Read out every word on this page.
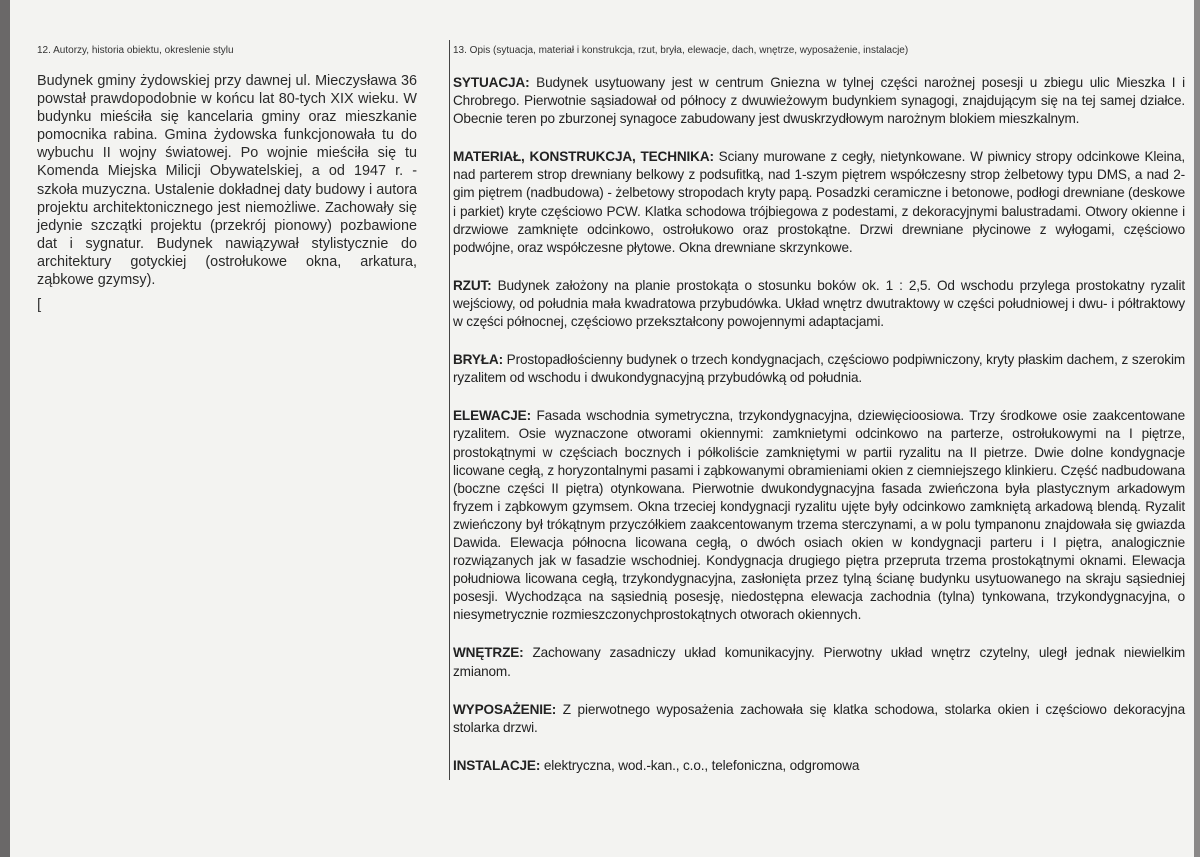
12. Autorzy, historia obiektu, okreslenie stylu
Budynek gminy żydowskiej przy dawnej ul. Mieczysława 36 powstał prawdopodobnie w końcu lat 80-tych XIX wieku. W budynku mieściła się kancelaria gminy oraz mieszkanie pomocnika rabina. Gmina żydowska funkcjonowała tu do wybuchu II wojny światowej. Po wojnie mieściła się tu Komenda Miejska Milicji Obywatelskiej, a od 1947 r. - szkoła muzyczna. Ustalenie dokładnej daty budowy i autora projektu architektonicznego jest niemożliwe. Zachowały się jedynie szczątki projektu (przekrój pionowy) pozbawione dat i sygnatur. Budynek nawiązywał stylistycznie do architektury gotyckiej (ostrołukowe okna, arkatura, ząbkowe gzymsy).
[
13. Opis (sytuacja, materiał i konstrukcja, rzut, bryła, elewacje, dach, wnętrze, wyposażenie, instalacje)

SYTUACJA: Budynek usytuowany jest w centrum Gniezna w tylnej części narożnej posesji u zbiegu ulic Mieszka I i Chrobrego. Pierwotnie sąsiadował od północy z dwuwieżowym budynkiem synagogi, znajdującym się na tej samej działce. Obecnie teren po zburzonej synagoce zabudowany jest dwuskrzydłowym narożnym blokiem mieszkalnym.

MATERIAŁ, KONSTRUKCJA, TECHNIKA: Sciany murowane z cegły, nietynkowane. W piwnicy stropy odcinkowe Kleina, nad parterem strop drewniany belkowy z podsufitką, nad 1-szym piętrem współczesny strop żelbetowy typu DMS, a nad 2-gim piętrem (nadbudowa) - żelbetowy stropodach kryty papą. Posadzki ceramiczne i betonowe, podłogi drewniane (deskowe i parkiet) kryte częściowo PCW. Klatka schodowa trójbiegowa z podestami, z dekoracyjnymi balustradami. Otwory okienne i drzwiowe zamknięte odcinkowo, ostrołukowo oraz prostokątne. Drzwi drewniane płycinowe z wyłogami, częściowo podwójne, oraz współczesne płytowe. Okna drewniane skrzynkowe.

RZUT: Budynek założony na planie prostokąta o stosunku boków ok. 1 : 2,5. Od wschodu przylega prostokatny ryzalit wejściowy, od południa mała kwadratowa przybudówka. Układ wnętrz dwutraktowy w części południowej i dwu- i półtraktowy w części północnej, częściowo przekształcony powojennymi adaptacjami.

BRYŁA: Prostopadłościenny budynek o trzech kondygnacjach, częściowo podpiwniczony, kryty płaskim dachem, z szerokim ryzalitem od wschodu i dwukondygnacyjną przybudówką od południa.

ELEWACJE: Fasada wschodnia symetryczna, trzykondygnacyjna, dziewięcioosiowa. Trzy środkowe osie zaakcentowane ryzalitem. Osie wyznaczone otworami okiennymi: zamknietymi odcinkowo na parterze, ostrołukowymi na I piętrze, prostokątnymi w częściach bocznych i półkoliście zamkniętymi w partii ryzalitu na II pietrze. Dwie dolne kondygnacje licowane cegłą, z horyzontalnymi pasami i ząbkowanymi obramieniami okien z ciemniejszego klinkieru. Część nadbudowana (boczne części II piętra) otynkowana. Pierwotnie dwukondygnacyjna fasada zwieńczona była plastycznym arkadowym fryzem i ząbkowym gzymsem. Okna trzeciej kondygnacji ryzalitu ujęte były odcinkowo zamkniętą arkadową blendą. Ryzalit zwieńczony był trókątnym przyczółkiem zaakcentowanym trzema sterczynami, a w polu tympanonu znajdowała się gwiazda Dawida. Elewacja północna licowana cegłą, o dwóch osiach okien w kondygnacji parteru i I piętra, analogicznie rozwiązanych jak w fasadzie wschodniej. Kondygnacja drugiego piętra przepruta trzema prostokątnymi oknami. Elewacja południowa licowana cegłą, trzykondygnacyjna, zasłonięta przez tylną ścianę budynku usytuowanego na skraju sąsiedniej posesji. Wychodząca na sąsiednią posesję, niedostępna elewacja zachodnia (tylna) tynkowana, trzykondygnacyjna, o niesymetrycznie rozmieszczonychprostokątnych otworach okiennych.

WNĘTRZE: Zachowany zasadniczy układ komunikacyjny. Pierwotny układ wnętrz czytelny, uległ jednak niewielkim zmianom.

WYPOSAŻENIE: Z pierwotnego wyposażenia zachowała się klatka schodowa, stolarka okien i częściowo dekoracyjna stolarka drzwi.

INSTALACJE: elektryczna, wod.-kan., c.o., telefoniczna, odgromowa
